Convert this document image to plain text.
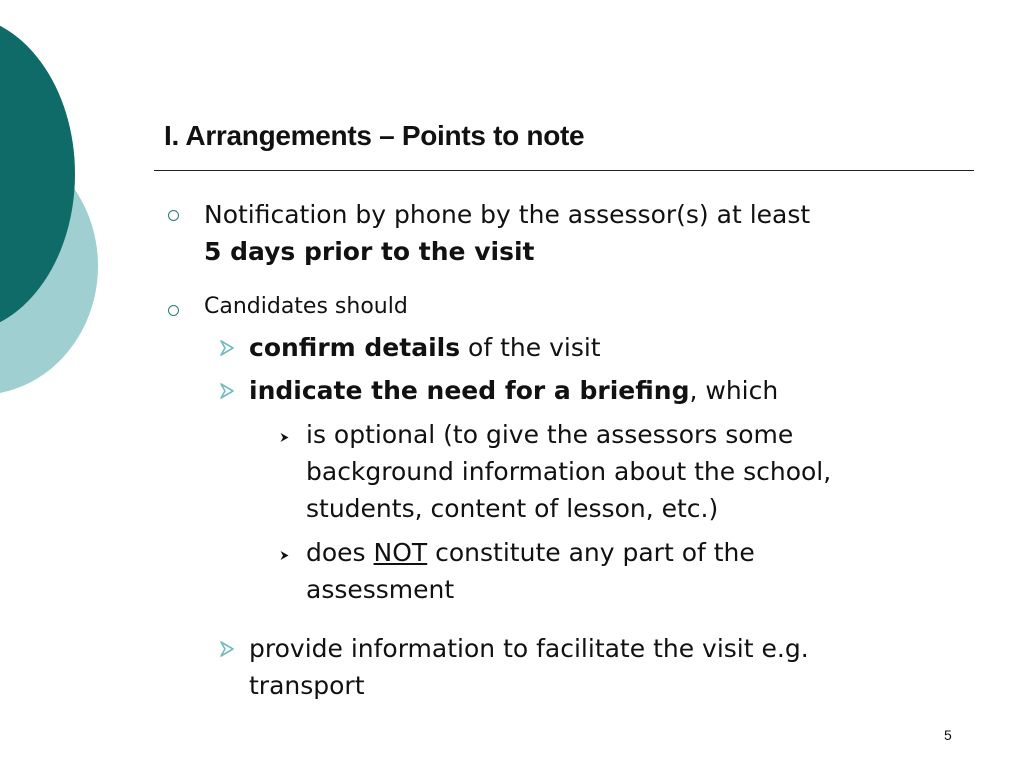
I. Arrangements – Points to note
Notification by phone by the assessor(s) at least
5 days prior to the visit
Candidates should
confirm details of the visit
indicate the need for a briefing, which
is optional (to give the assessors some
background information about the school,
students, content of lesson, etc.)
does NOT constitute any part of the
assessment
provide information to facilitate the visit e.g.
transport
5
